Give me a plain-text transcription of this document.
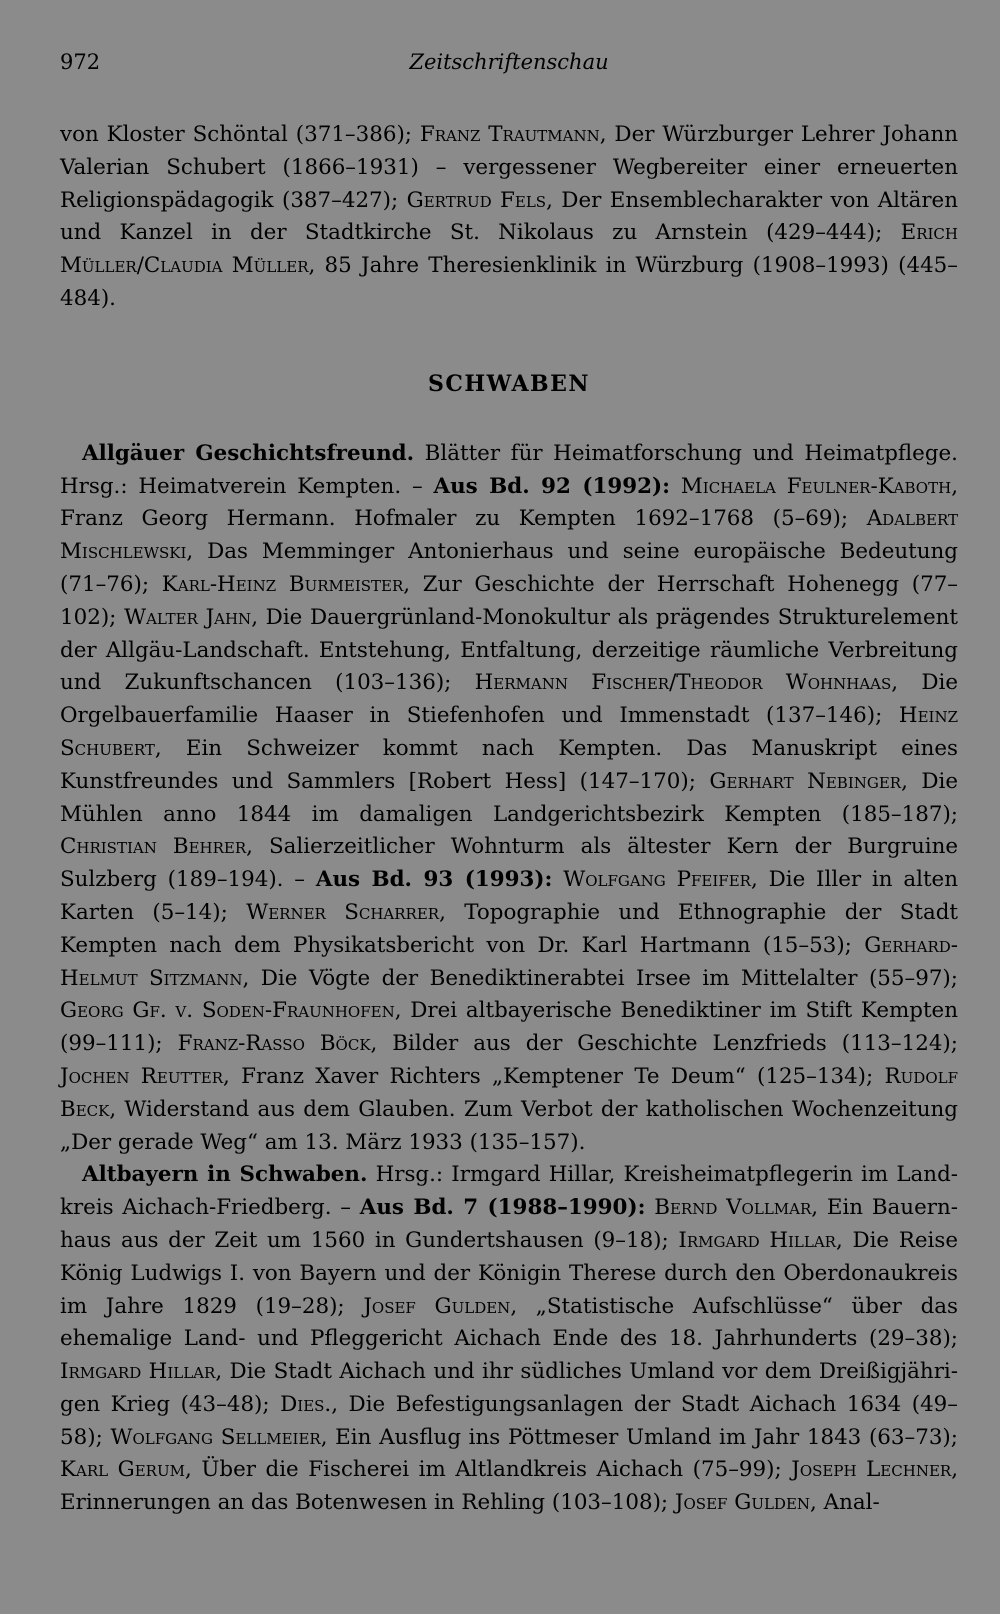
972	Zeitschriftenschau

von Kloster Schöntal (371–386); Franz Trautmann, Der Würzburger Lehrer Johann Valerian Schubert (1866–1931) – vergessener Wegbereiter einer erneuerten Religionspädagogik (387–427); Gertrud Fels, Der Ensemblecharakter von Altären und Kanzel in der Stadtkirche St. Nikolaus zu Arnstein (429–444); Erich Müller/Claudia Müller, 85 Jahre Theresienklinik in Würzburg (1908–1993) (445–484).

SCHWABEN

Allgäuer Geschichtsfreund. Blätter für Heimatforschung und Heimatpflege. Hrsg.: Heimatverein Kempten. – Aus Bd. 92 (1992): Michaela Feulner-Kaboth, Franz Georg Hermann. Hofmaler zu Kempten 1692–1768 (5–69); Adalbert Mischlewski, Das Memminger Antonierhaus und seine europäische Bedeutung (71–76); Karl-Heinz Burmeister, Zur Geschichte der Herrschaft Hohenegg (77–102); Walter Jahn, Die Dauergrünland-Monokultur als prägendes Strukturelement der Allgäu-Landschaft. Entstehung, Entfaltung, derzeitige räumliche Verbreitung und Zukunftschancen (103–136); Hermann Fischer/Theodor Wohnhaas, Die Orgelbauerfamilie Haaser in Stiefenhofen und Immenstadt (137–146); Heinz Schubert, Ein Schweizer kommt nach Kempten. Das Manuskript eines Kunstfreundes und Sammlers [Robert Hess] (147–170); Gerhart Nebinger, Die Mühlen anno 1844 im damaligen Landgerichtsbezirk Kempten (185–187); Christian Behrer, Salierzeitlicher Wohnturm als ältester Kern der Burgruine Sulzberg (189–194). – Aus Bd. 93 (1993): Wolfgang Pfeifer, Die Iller in alten Karten (5–14); Werner Scharrer, Topographie und Ethnographie der Stadt Kempten nach dem Physikatsbericht von Dr. Karl Hartmann (15–53); Gerhard-Helmut Sitzmann, Die Vögte der Benediktinerabtei Irsee im Mittelalter (55–97); Georg Gf. v. Soden-Fraunhofen, Drei altbayerische Benediktiner im Stift Kempten (99–111); Franz-Rasso Böck, Bilder aus der Geschichte Lenzfrieds (113–124); Jochen Reutter, Franz Xaver Richters „Kemptener Te Deum“ (125–134); Rudolf Beck, Widerstand aus dem Glauben. Zum Verbot der katholischen Wochenzeitung „Der gerade Weg“ am 13. März 1933 (135–157).

Altbayern in Schwaben. Hrsg.: Irmgard Hillar, Kreisheimatpflegerin im Landkreis Aichach-Friedberg. – Aus Bd. 7 (1988–1990): Bernd Vollmar, Ein Bauernhaus aus der Zeit um 1560 in Gundertshausen (9–18); Irmgard Hillar, Die Reise König Ludwigs I. von Bayern und der Königin Therese durch den Oberdonaukreis im Jahre 1829 (19–28); Josef Gulden, „Statistische Aufschlüsse“ über das ehemalige Land- und Pfleggericht Aichach Ende des 18. Jahrhunderts (29–38); Irmgard Hillar, Die Stadt Aichach und ihr südliches Umland vor dem Dreißigjährigen Krieg (43–48); Dies., Die Befestigungsanlagen der Stadt Aichach 1634 (49–58); Wolfgang Sellmeier, Ein Ausflug ins Pöttmeser Umland im Jahr 1843 (63–73); Karl Gerum, Über die Fischerei im Altlandkreis Aichach (75–99); Joseph Lechner, Erinnerungen an das Botenwesen in Rehling (103–108); Josef Gulden, Anal-
